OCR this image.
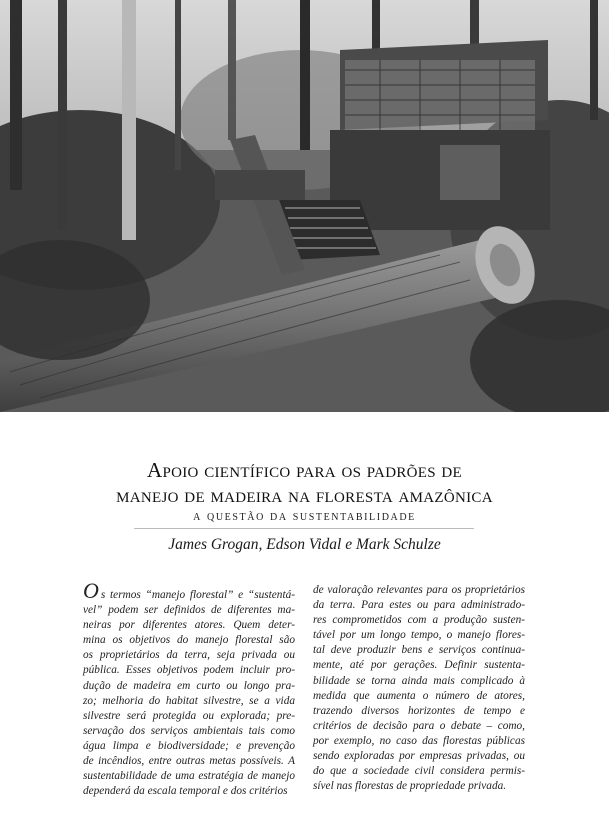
Apoio científico para os padrões de
manejo de madeira na floresta amazônica
a questão da sustentabilidade
James Grogan, Edson Vidal e Mark Schulze
Os termos “manejo florestal” e “sustentá-
vel” podem ser definidos de diferentes ma-
neiras por diferentes atores. Quem deter-
mina os objetivos do manejo florestal são
os proprietários da terra, seja privada ou
pública. Esses objetivos podem incluir pro-
dução de madeira em curto ou longo pra-
zo; melhoria do habitat silvestre, se a vida
silvestre será protegida ou explorada; pre-
servação dos serviços ambientais tais como
água limpa e biodiversidade; e prevenção
de incêndios, entre outras metas possíveis. A
sustentabilidade de uma estratégia de manejo
dependerá da escala temporal e dos critérios
de valoração relevantes para os proprietários
da terra. Para estes ou para administrado-
res comprometidos com a produção susten-
tável por um longo tempo, o manejo flores-
tal deve produzir bens e serviços continua-
mente, até por gerações. Definir sustenta-
bilidade se torna ainda mais complicado à
medida que aumenta o número de atores,
trazendo diversos horizontes de tempo e
critérios de decisão para o debate – como,
por exemplo, no caso das florestas públicas
sendo exploradas por empresas privadas, ou
do que a sociedade civil considera permis-
sível nas florestas de propriedade privada.
